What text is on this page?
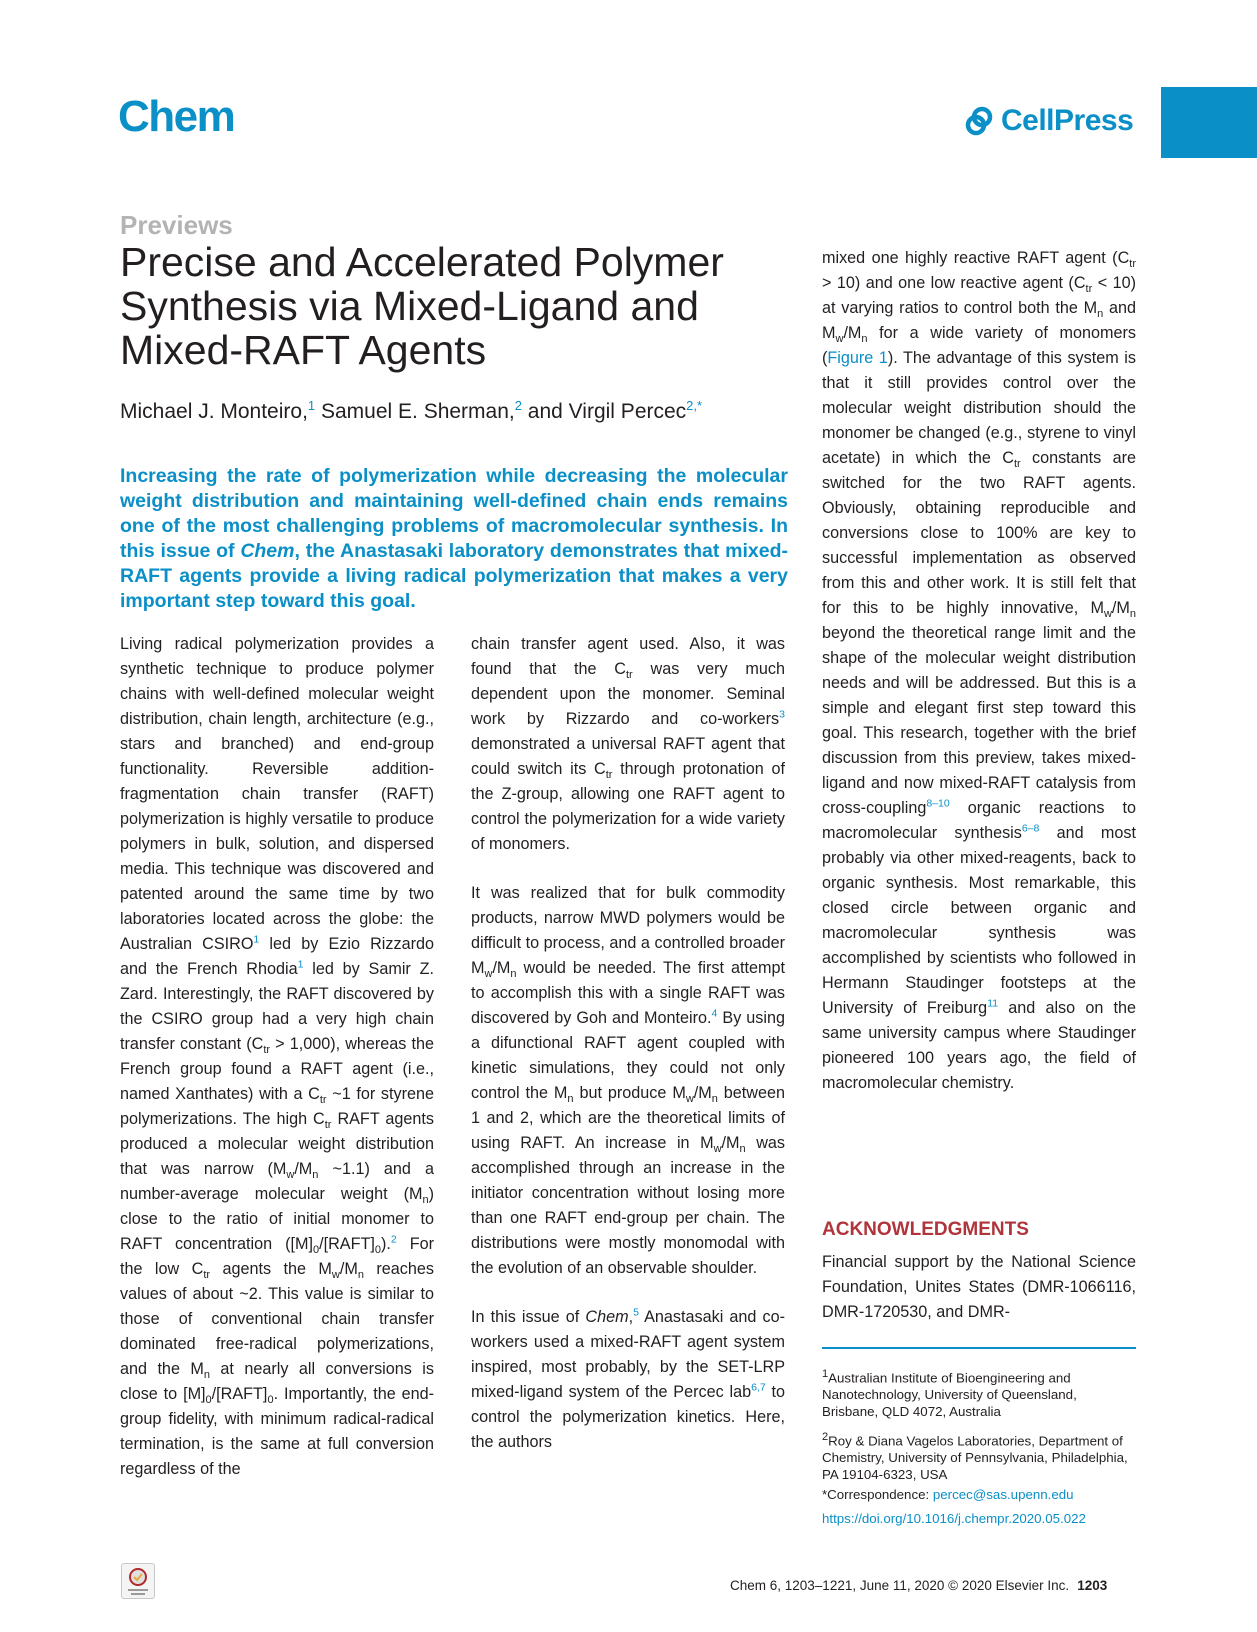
Chem	CellPress
Previews
Precise and Accelerated Polymer Synthesis via Mixed-Ligand and Mixed-RAFT Agents
Michael J. Monteiro,$^1$ Samuel E. Sherman,$^2$ and Virgil Percec$^{2,*}$
Increasing the rate of polymerization while decreasing the molecular weight distribution and maintaining well-defined chain ends remains one of the most challenging problems of macromolecular synthesis. In this issue of Chem, the Anastasaki laboratory demonstrates that mixed-RAFT agents provide a living radical polymerization that makes a very important step toward this goal.

Living radical polymerization provides a synthetic technique to produce polymer chains with well-defined molecular weight distribution, chain length, architecture (e.g., stars and branched) and end-group functionality. Reversible addition-fragmentation chain transfer (RAFT) polymerization is highly versatile to produce polymers in bulk, solution, and dispersed media. This technique was discovered and patented around the same time by two laboratories located across the globe: the Australian CSIRO$^1$ led by Ezio Rizzardo and the French Rhodia$^1$ led by Samir Z. Zard. Interestingly, the RAFT discovered by the CSIRO group had a very high chain transfer constant $(C_{tr} > 1,000)$, whereas the French group found a RAFT agent (i.e., named Xanthates) with a $C_{tr}$ ~1 for styrene polymerizations. The high $C_{tr}$ RAFT agents produced a molecular weight distribution that was narrow ($M_w/M_n$ ~1.1) and a number-average molecular weight $(M_n)$ close to the ratio of initial monomer to RAFT concentration $([M]_0/[RAFT]_0).^2$ For the low $C_{tr}$ agents the $M_w/M_n$ reaches values of about ~2. This value is similar to those of conventional chain transfer dominated free-radical polymerizations, and the $M_n$ at nearly all conversions is close to $[M]_0/[RAFT]_0$. Importantly, the end-group fidelity, with minimum radical-radical termination, is the same at full conversion regardless of the

chain transfer agent used. Also, it was found that the $C_{tr}$ was very much dependent upon the monomer. Seminal work by Rizzardo and co-workers$^3$ demonstrated a universal RAFT agent that could switch its $C_{tr}$ through protonation of the Z-group, allowing one RAFT agent to control the polymerization for a wide variety of monomers.

It was realized that for bulk commodity products, narrow MWD polymers would be difficult to process, and a controlled broader $M_w/M_n$ would be needed. The first attempt to accomplish this with a single RAFT was discovered by Goh and Monteiro.$^4$ By using a difunctional RAFT agent coupled with kinetic simulations, they could not only control the $M_n$ but produce $M_w/M_n$ between 1 and 2, which are the theoretical limits of using RAFT. An increase in $M_w/M_n$ was accomplished through an increase in the initiator concentration without losing more than one RAFT end-group per chain. The distributions were mostly monomodal with the evolution of an observable shoulder.

In this issue of Chem,$^5$ Anastasaki and co-workers used a mixed-RAFT agent system inspired, most probably, by the SET-LRP mixed-ligand system of the Percec lab$^{6,7}$ to control the polymerization kinetics. Here, the authors

mixed one highly reactive RAFT agent $(C_{tr} > 10)$ and one low reactive agent $(C_{tr} < 10)$ at varying ratios to control both the $M_n$ and $M_w/M_n$ for a wide variety of monomers (Figure 1). The advantage of this system is that it still provides control over the molecular weight distribution should the monomer be changed (e.g., styrene to vinyl acetate) in which the $C_{tr}$ constants are switched for the two RAFT agents. Obviously, obtaining reproducible and conversions close to 100% are key to successful implementation as observed from this and other work. It is still felt that for this to be highly innovative, $M_w/M_n$ beyond the theoretical range limit and the shape of the molecular weight distribution needs and will be addressed. But this is a simple and elegant first step toward this goal. This research, together with the brief discussion from this preview, takes mixed-ligand and now mixed-RAFT catalysis from cross-coupling$^{8-10}$ organic reactions to macromolecular synthesis$^{6-8}$ and most probably via other mixed-reagents, back to organic synthesis. Most remarkable, this closed circle between organic and macromolecular synthesis was accomplished by scientists who followed in Hermann Staudinger footsteps at the University of Freiburg$^{11}$ and also on the same university campus where Staudinger pioneered 100 years ago, the field of macromolecular chemistry.

ACKNOWLEDGMENTS
Financial support by the National Science Foundation, Unites States (DMR-1066116, DMR-1720530, and DMR-
$^1$Australian Institute of Bioengineering and Nanotechnology, University of Queensland, Brisbane, QLD 4072, Australia
$^2$Roy & Diana Vagelos Laboratories, Department of Chemistry, University of Pennsylvania, Philadelphia, PA 19104-6323, USA
*Correspondence: percec@sas.upenn.edu
https://doi.org/10.1016/j.chempr.2020.05.022
Chem 6, 1203–1221, June 11, 2020 © 2020 Elsevier Inc. 1203
